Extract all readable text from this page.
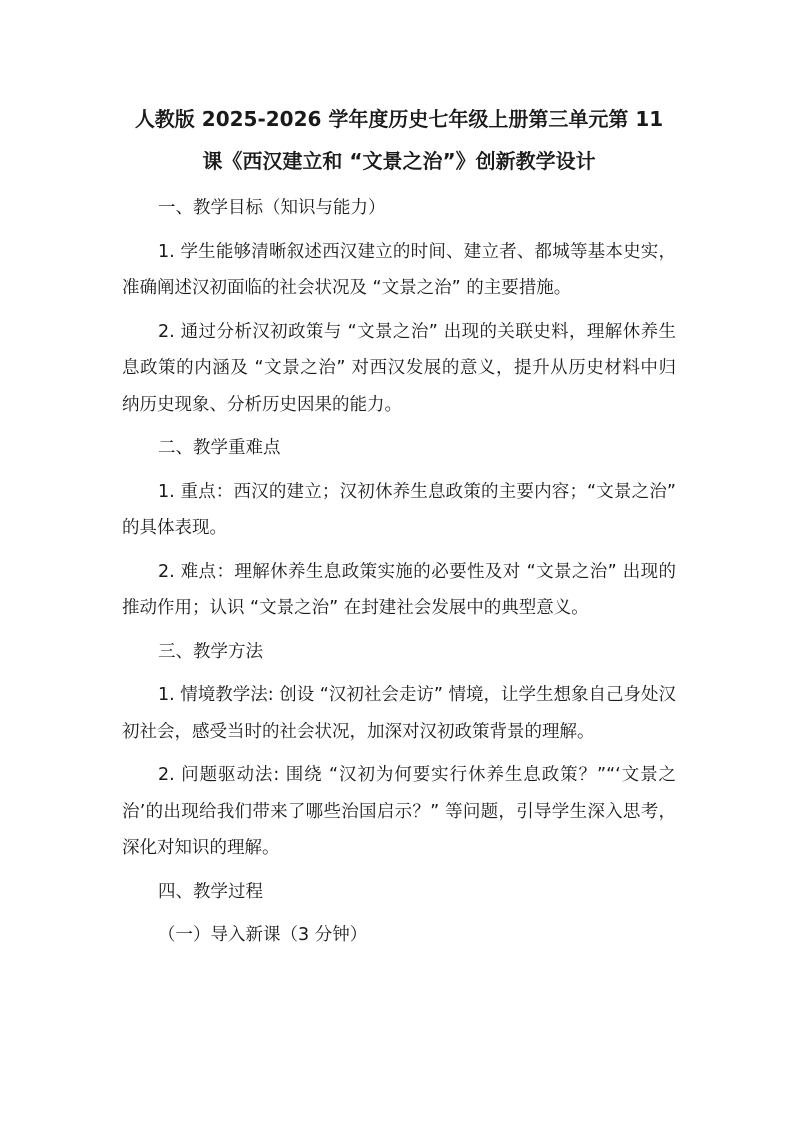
人教版 2025-2026 学年度历史七年级上册第三单元第 11
课《西汉建立和 “文景之治”》创新教学设计

一、教学目标（知识与能力）

1. 学生能够清晰叙述西汉建立的时间、建立者、都城等基本史实，准确阐述汉初面临的社会状况及 “文景之治” 的主要措施。

2. 通过分析汉初政策与 “文景之治” 出现的关联史料，理解休养生息政策的内涵及 “文景之治” 对西汉发展的意义，提升从历史材料中归纳历史现象、分析历史因果的能力。

二、教学重难点

1. 重点：西汉的建立；汉初休养生息政策的主要内容；“文景之治” 的具体表现。

2. 难点：理解休养生息政策实施的必要性及对 “文景之治” 出现的推动作用；认识 “文景之治” 在封建社会发展中的典型意义。

三、教学方法

1. 情境教学法: 创设 “汉初社会走访” 情境，让学生想象自己身处汉初社会，感受当时的社会状况，加深对汉初政策背景的理解。

2. 问题驱动法: 围绕 “汉初为何要实行休养生息政策？”“‘文景之治’的出现给我们带来了哪些治国启示？” 等问题，引导学生深入思考，深化对知识的理解。

四、教学过程

（一）导入新课（3 分钟）
